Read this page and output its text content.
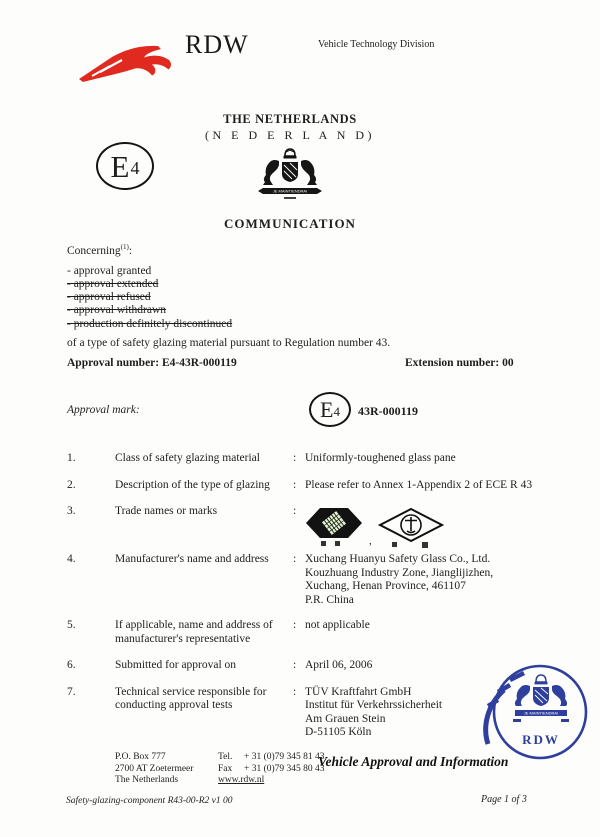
RDW	Vehicle Technology Division
E 4
THE NETHERLANDS
(N E D E R L A N D)
JE MAINTIENDRAI
COMMUNICATION
Concerning$^{(1)}$:
- approval granted
- approval extended
- approval refused
- approval withdrawn
- production definitely discontinued
of a type of safety glazing material pursuant to Regulation number 43.
Approval number: E4-43R-000119	Extension number: 00
Approval mark:	E 4 43R-000119
1.	Class of safety glazing material	: Uniformly-toughened glass pane
2.	Description of the type of glazing	: Please refer to Annex 1-Appendix 2 of ECE R 43
3.	Trade names or marks	:
,
4.	Manufacturer's name and address	: Xuchang Huanyu Safety Glass Co., Ltd.
Kouzhuang Industry Zone, Jianglijizhen,
Xuchang, Henan Province, 461107
P.R. China
5.	If applicable, name and address of
manufacturer's representative
: not applicable
6.	Submitted for approval on	: April 06, 2006
7.	Technical service responsible for
conducting approval tests
: TÜV Kraftfahrt GmbH
Institut für Verkehrssicherheit
Am Grauen Stein
D-51105 Köln
JE MAINTIENDRAI
RDW
P.O. Box 777
2700 AT Zoetermeer
The Netherlands
Tel.	+ 31 (0)79 345 81 43
Fax	+ 31 (0)79 345 80 43
www.rdw.nl
Vehicle Approval and Information
Safety-glazing-component R43-00-R2 v1 00	Page 1 of 3
